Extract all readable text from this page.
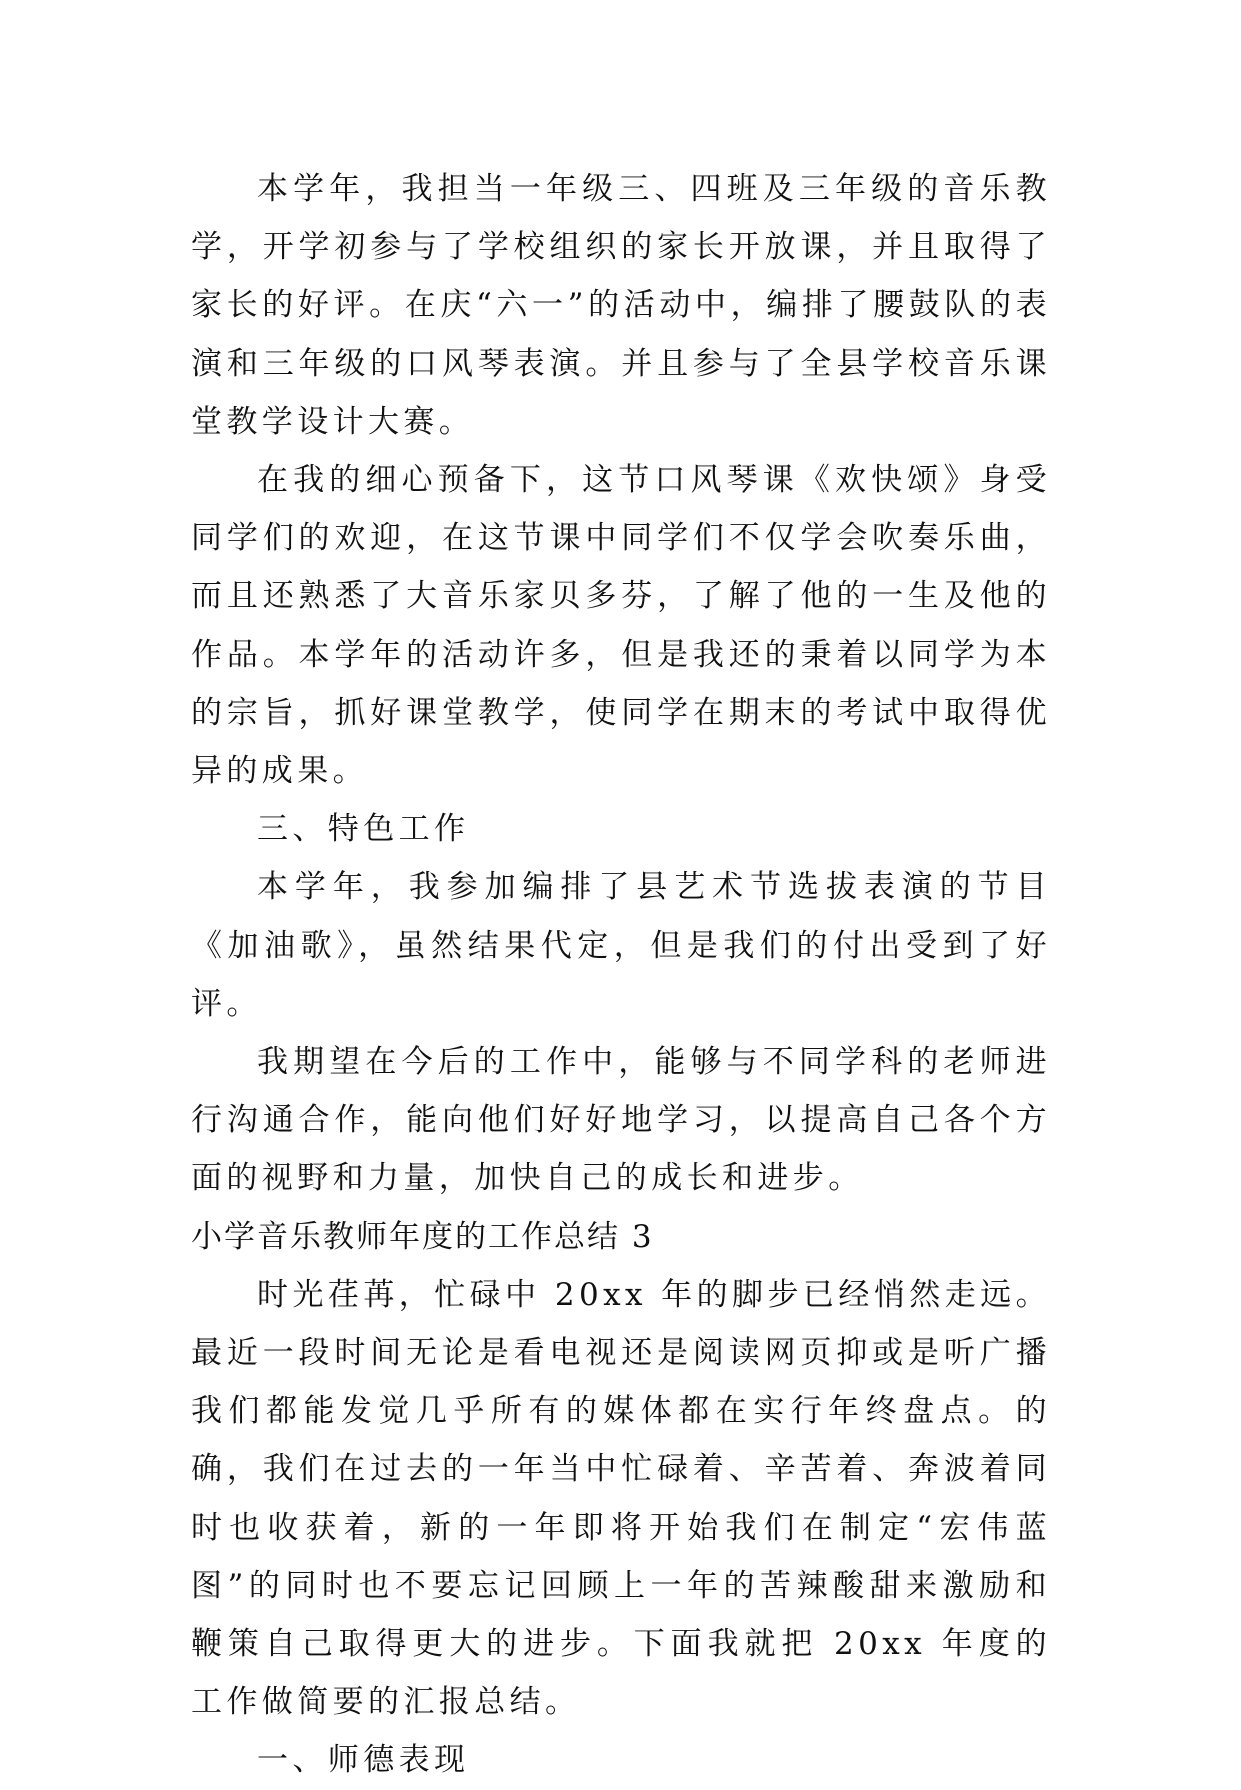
本学年，我担当一年级三、四班及三年级的音乐教学，开学初参与了学校组织的家长开放课，并且取得了家长的好评。在庆“六一”的活动中，编排了腰鼓队的表演和三年级的口风琴表演。并且参与了全县学校音乐课堂教学设计大赛。

在我的细心预备下，这节口风琴课《欢快颂》身受同学们的欢迎，在这节课中同学们不仅学会吹奏乐曲，而且还熟悉了大音乐家贝多芬，了解了他的一生及他的作品。本学年的活动许多，但是我还的秉着以同学为本的宗旨，抓好课堂教学，使同学在期末的考试中取得优异的成果。

三、特色工作

本学年，我参加编排了县艺术节选拔表演的节目《加油歌》，虽然结果代定，但是我们的付出受到了好评。

我期望在今后的工作中，能够与不同学科的老师进行沟通合作，能向他们好好地学习，以提高自己各个方面的视野和力量，加快自己的成长和进步。

小学音乐教师年度的工作总结 3

时光荏苒，忙碌中 20xx 年的脚步已经悄然走远。最近一段时间无论是看电视还是阅读网页抑或是听广播我们都能发觉几乎所有的媒体都在实行年终盘点。的确，我们在过去的一年当中忙碌着、辛苦着、奔波着同时也收获着，新的一年即将开始我们在制定“宏伟蓝图”的同时也不要忘记回顾上一年的苦辣酸甜来激励和鞭策自己取得更大的进步。下面我就把 20xx 年度的工作做简要的汇报总结。

一、师德表现
